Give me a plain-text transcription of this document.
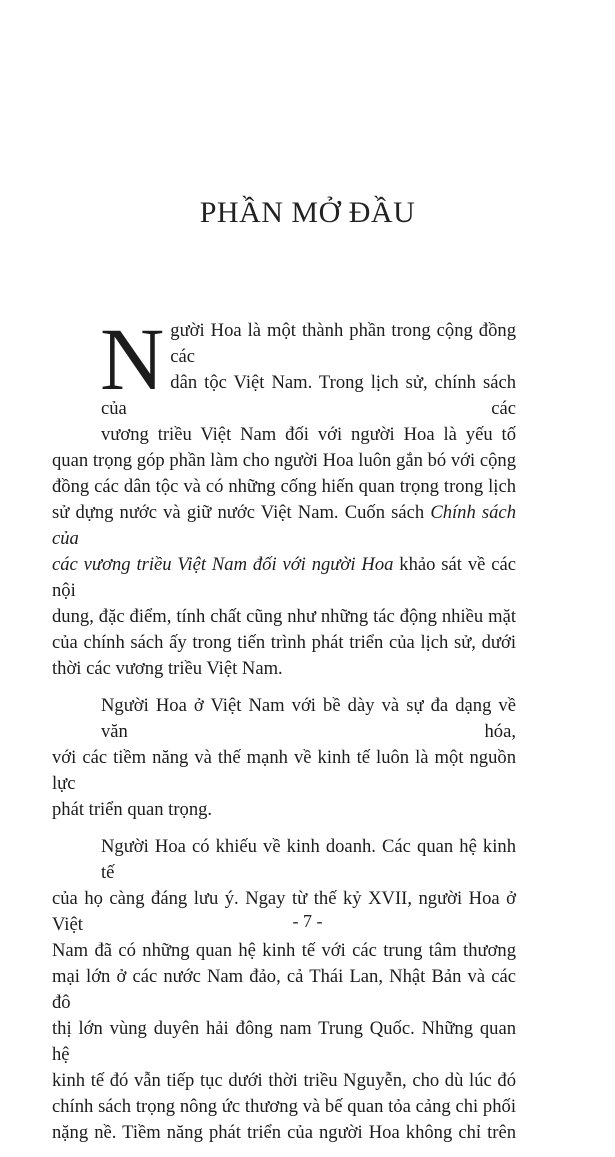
PHẦN MỞ ĐẦU

N gười Hoa là một thành phần trong cộng đồng các
dân tộc Việt Nam. Trong lịch sử, chính sách của các
vương triều Việt Nam đối với người Hoa là yếu tố
quan trọng góp phần làm cho người Hoa luôn gắn bó với cộng
đồng các dân tộc và có những cống hiến quan trọng trong lịch
sử dựng nước và giữ nước Việt Nam. Cuốn sách Chính sách của
các vương triều Việt Nam đối với người Hoa khảo sát về các nội
dung, đặc điểm, tính chất cũng như những tác động nhiều mặt
của chính sách ấy trong tiến trình phát triển của lịch sử, dưới
thời các vương triều Việt Nam.

Người Hoa ở Việt Nam với bề dày và sự đa dạng về văn hóa,
với các tiềm năng và thế mạnh về kinh tế luôn là một nguồn lực
phát triển quan trọng.

Người Hoa có khiếu về kinh doanh. Các quan hệ kinh tế
của họ càng đáng lưu ý. Ngay từ thế kỷ XVII, người Hoa ở Việt
Nam đã có những quan hệ kinh tế với các trung tâm thương
mại lớn ở các nước Nam đảo, cả Thái Lan, Nhật Bản và các đô
thị lớn vùng duyên hải đông nam Trung Quốc. Những quan hệ
kinh tế đó vẫn tiếp tục dưới thời triều Nguyễn, cho dù lúc đó
chính sách trọng nông ức thương và bế quan tỏa cảng chi phối
nặng nề. Tiềm năng phát triển của người Hoa không chỉ trên

- 7 -
